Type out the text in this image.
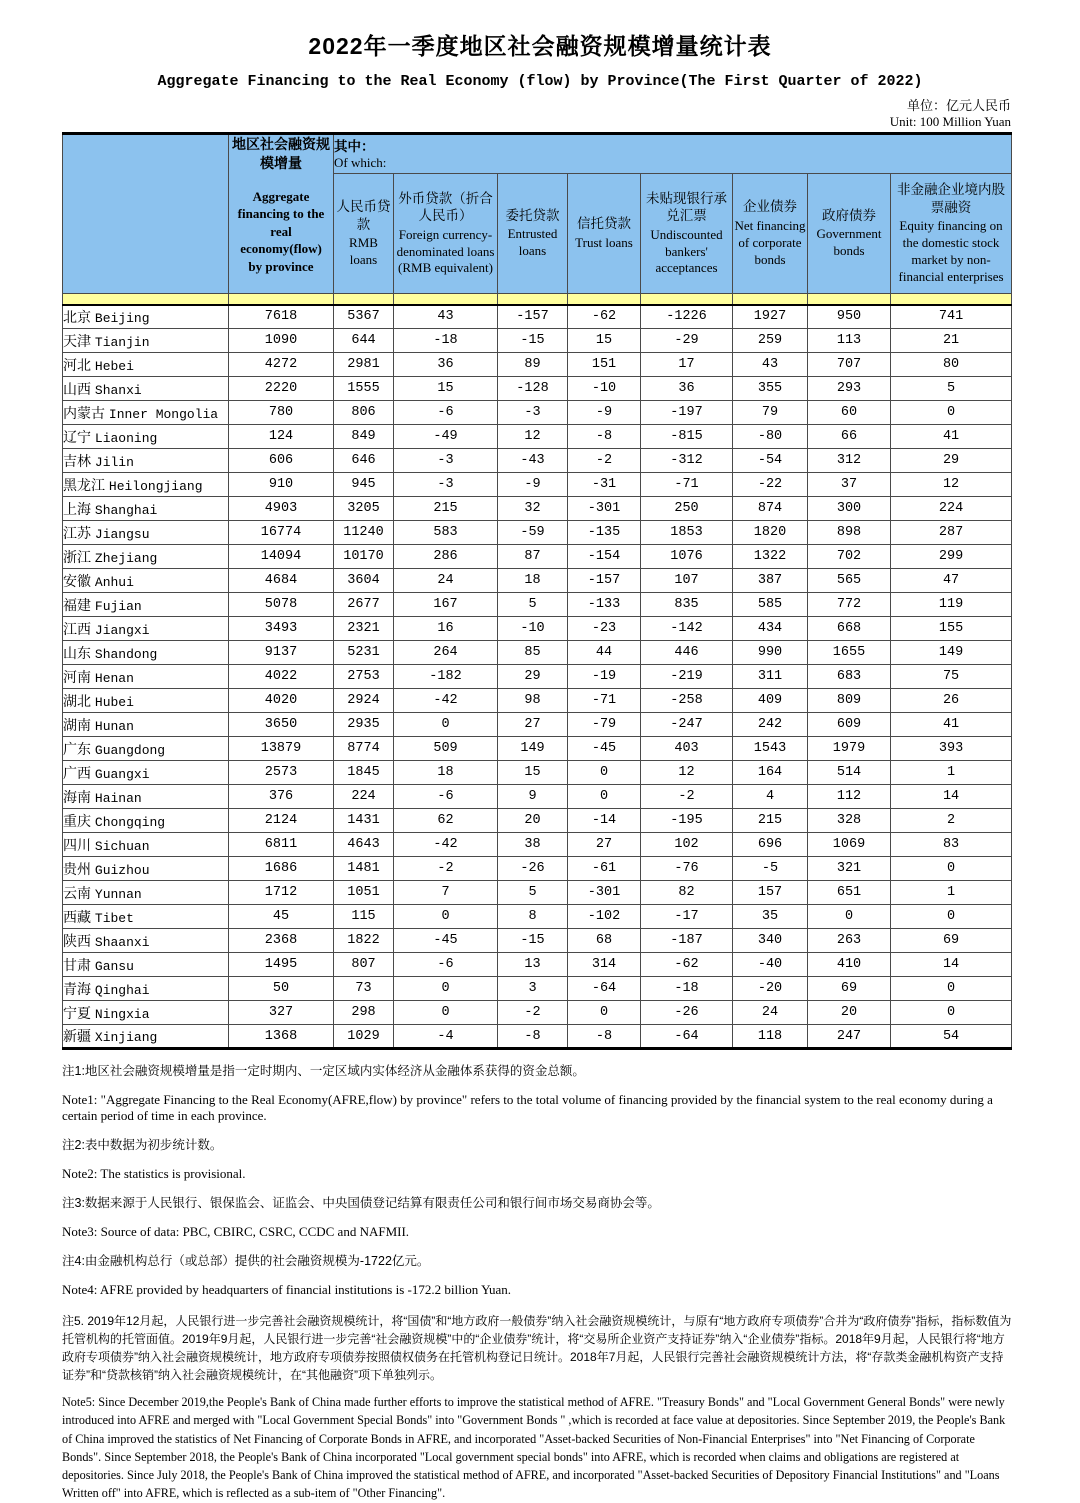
2022年一季度地区社会融资规模增量统计表
Aggregate Financing to the Real Economy (flow) by Province(The First Quarter of 2022)
单位：亿元人民币
Unit: 100 Million Yuan

地区社会融资规模增量
Aggregate financing to the real economy(flow) by province

其中：
Of which:

人民币贷款
RMB loans

外币贷款（折合人民币）
Foreign currency-denominated loans (RMB equivalent)

委托贷款
Entrusted loans

信托贷款
Trust loans

未贴现银行承兑汇票
Undiscounted bankers' acceptances

企业债券
Net financing of corporate bonds

政府债券
Government bonds

非金融企业境内股票融资
Equity financing on the domestic stock market by non-financial enterprises

北京 Beijing	7618	5367	43	-157	-62	-1226	1927	950	741
天津 Tianjin	1090	644	-18	-15	15	-29	259	113	21
河北 Hebei	4272	2981	36	89	151	17	43	707	80
山西 Shanxi	2220	1555	15	-128	-10	36	355	293	5
内蒙古 Inner Mongolia	780	806	-6	-3	-9	-197	79	60	0
辽宁 Liaoning	124	849	-49	12	-8	-815	-80	66	41
吉林 Jilin	606	646	-3	-43	-2	-312	-54	312	29
黑龙江 Heilongjiang	910	945	-3	-9	-31	-71	-22	37	12
上海 Shanghai	4903	3205	215	32	-301	250	874	300	224
江苏 Jiangsu	16774	11240	583	-59	-135	1853	1820	898	287
浙江 Zhejiang	14094	10170	286	87	-154	1076	1322	702	299
安徽 Anhui	4684	3604	24	18	-157	107	387	565	47
福建 Fujian	5078	2677	167	5	-133	835	585	772	119
江西 Jiangxi	3493	2321	16	-10	-23	-142	434	668	155
山东 Shandong	9137	5231	264	85	44	446	990	1655	149
河南 Henan	4022	2753	-182	29	-19	-219	311	683	75
湖北 Hubei	4020	2924	-42	98	-71	-258	409	809	26
湖南 Hunan	3650	2935	0	27	-79	-247	242	609	41
广东 Guangdong	13879	8774	509	149	-45	403	1543	1979	393
广西 Guangxi	2573	1845	18	15	0	12	164	514	1
海南 Hainan	376	224	-6	9	0	-2	4	112	14
重庆 Chongqing	2124	1431	62	20	-14	-195	215	328	2
四川 Sichuan	6811	4643	-42	38	27	102	696	1069	83
贵州 Guizhou	1686	1481	-2	-26	-61	-76	-5	321	0
云南 Yunnan	1712	1051	7	5	-301	82	157	651	1
西藏 Tibet	45	115	0	8	-102	-17	35	0	0
陕西 Shaanxi	2368	1822	-45	-15	68	-187	340	263	69
甘肃 Gansu	1495	807	-6	13	314	-62	-40	410	14
青海 Qinghai	50	73	0	3	-64	-18	-20	69	0
宁夏 Ningxia	327	298	0	-2	0	-26	24	20	0
新疆 Xinjiang	1368	1029	-4	-8	-8	-64	118	247	54
注1:地区社会融资规模增量是指一定时期内、一定区域内实体经济从金融体系获得的资金总额。
Note1: "Aggregate Financing to the Real Economy(AFRE,flow) by province" refers to the total volume of financing provided by the financial system to the real economy during a certain period of time in each province.
注2:表中数据为初步统计数。
Note2: The statistics is provisional.
注3:数据来源于人民银行、银保监会、证监会、中央国债登记结算有限责任公司和银行间市场交易商协会等。
Note3: Source of data: PBC, CBIRC, CSRC, CCDC and NAFMII.
注4:由金融机构总行（或总部）提供的社会融资规模为-1722亿元。
Note4: AFRE provided by headquarters of financial institutions is -172.2 billion Yuan.
注5. 2019年12月起，人民银行进一步完善社会融资规模统计，将“国债”和“地方政府一般债券”纳入社会融资规模统计，与原有“地方政府专项债券”合并为“政府债券”指标，指标数值为托管机构的托管面值。2019年9月起，人民银行进一步完善“社会融资规模”中的“企业债券”统计，将“交易所企业资产支持证券”纳入“企业债券”指标。2018年9月起，人民银行将“地方政府专项债券”纳入社会融资规模统计，地方政府专项债券按照债权债务在托管机构登记日统计。2018年7月起，人民银行完善社会融资规模统计方法，将“存款类金融机构资产支持证券”和“贷款核销”纳入社会融资规模统计，在“其他融资”项下单独列示。
Note5: Since December 2019,the People's Bank of China made further efforts to improve the statistical method of AFRE. "Treasury Bonds" and "Local Government General Bonds" were newly introduced into AFRE and merged with "Local Government Special Bonds" into "Government Bonds " ,which is recorded at face value at depositories. Since September 2019, the People's Bank of China improved the statistics of Net Financing of Corporate Bonds in AFRE, and incorporated "Asset-backed Securities of Non-Financial Enterprises" into "Net Financing of Corporate Bonds". Since September 2018, the People's Bank of China incorporated "Local government special bonds" into AFRE, which is recorded when claims and obligations are registered at depositories. Since July 2018, the People's Bank of China improved the statistical method of AFRE, and incorporated "Asset-backed Securities of Depository Financial Institutions" and "Loans Written off" into AFRE, which is reflected as a sub-item of "Other Financing".
